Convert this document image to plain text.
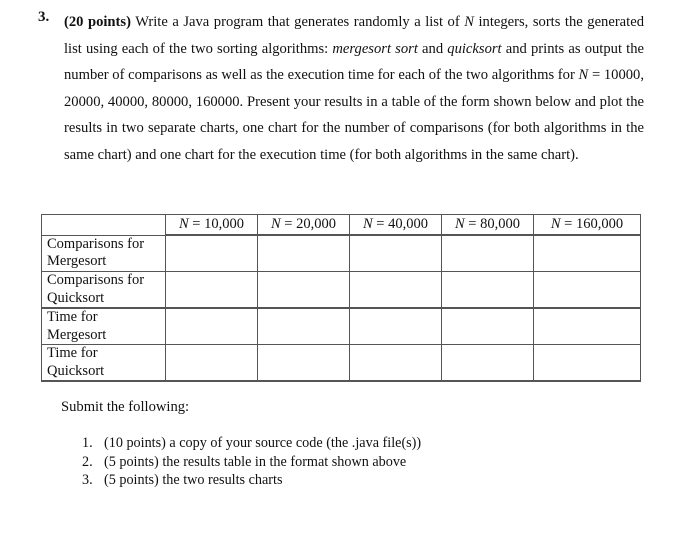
3. (20 points) Write a Java program that generates randomly a list of N integers, sorts the generated list using each of the two sorting algorithms: mergesort sort and quicksort and prints as output the number of comparisons as well as the execution time for each of the two algorithms for N = 10000, 20000, 40000, 80000, 160000. Present your results in a table of the form shown below and plot the results in two separate charts, one chart for the number of comparisons (for both algorithms in the same chart) and one chart for the execution time (for both algorithms in the same chart).
	N = 10,000	N = 20,000	N = 40,000	N = 80,000	N = 160,000

Comparisons for Mergesort					

Comparisons for Quicksort					

Time for Mergesort					

Time for Quicksort					

Submit the following:
1. (10 points) a copy of your source code (the .java file(s))
2. (5 points) the results table in the format shown above
3. (5 points) the two results charts
